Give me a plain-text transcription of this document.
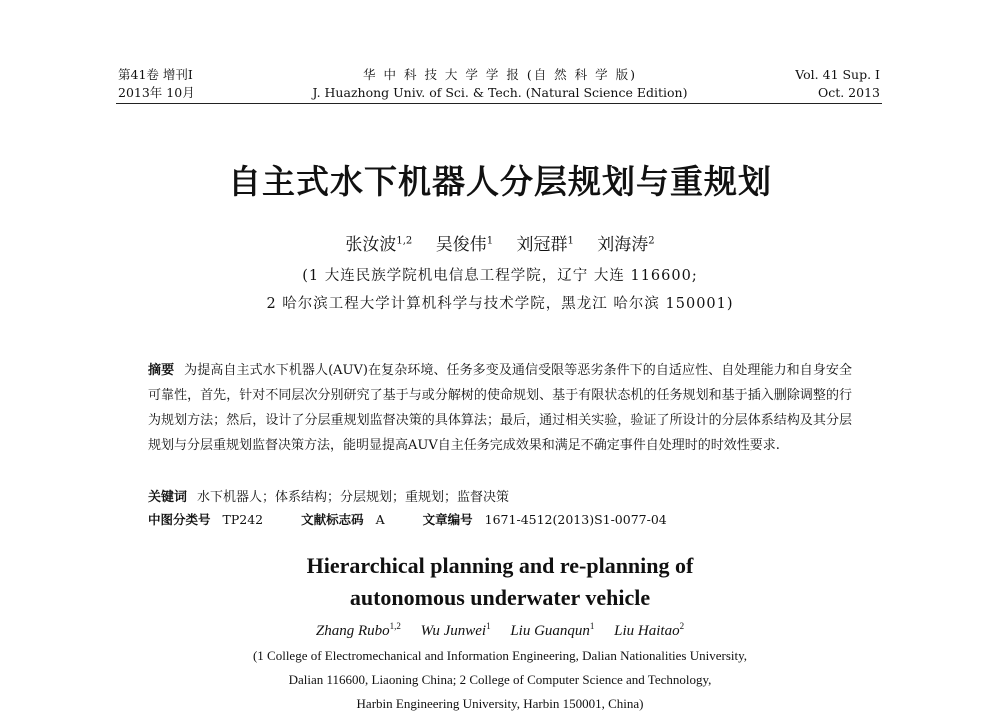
第41卷 增刊Ⅰ
2013年 10月
华 中 科 技 大 学 学 报 (自 然 科 学 版)
J. Huazhong Univ. of Sci. & Tech. (Natural Science Edition)
Vol. 41 Sup. Ⅰ
Oct. 2013
自主式水下机器人分层规划与重规划
张汝波$^{1,2}$ 吴俊伟$^1$ 刘冠群$^1$ 刘海涛$^2$
(1 大连民族学院机电信息工程学院，辽宁 大连 116600;
2 哈尔滨工程大学计算机科学与技术学院，黑龙江 哈尔滨 150001)
摘要 为提高自主式水下机器人(AUV)在复杂环境、任务多变及通信受限等恶劣条件下的自适应性、自处理能力和自身安全可靠性，首先，针对不同层次分别研究了基于与或分解树的使命规划、基于有限状态机的任务规划和基于插入删除调整的行为规划方法；然后，设计了分层重规划监督决策的具体算法；最后，通过相关实验，验证了所设计的分层体系结构及其分层规划与分层重规划监督决策方法，能明显提高AUV自主任务完成效果和满足不确定事件自处理时的时效性要求.
关键词 水下机器人；体系结构；分层规划；重规划；监督决策
中图分类号 TP242	文献标志码 A	文章编号 1671-4512(2013)S1-0077-04
Hierarchical planning and re-planning of
autonomous underwater vehicle
Zhang Rubo$^{1,2}$ Wu Junwei$^1$ Liu Guanqun$^1$ Liu Haitao$^2$
(1 College of Electromechanical and Information Engineering, Dalian Nationalities University,
Dalian 116600, Liaoning China; 2 College of Computer Science and Technology,
Harbin Engineering University, Harbin 150001, China)
